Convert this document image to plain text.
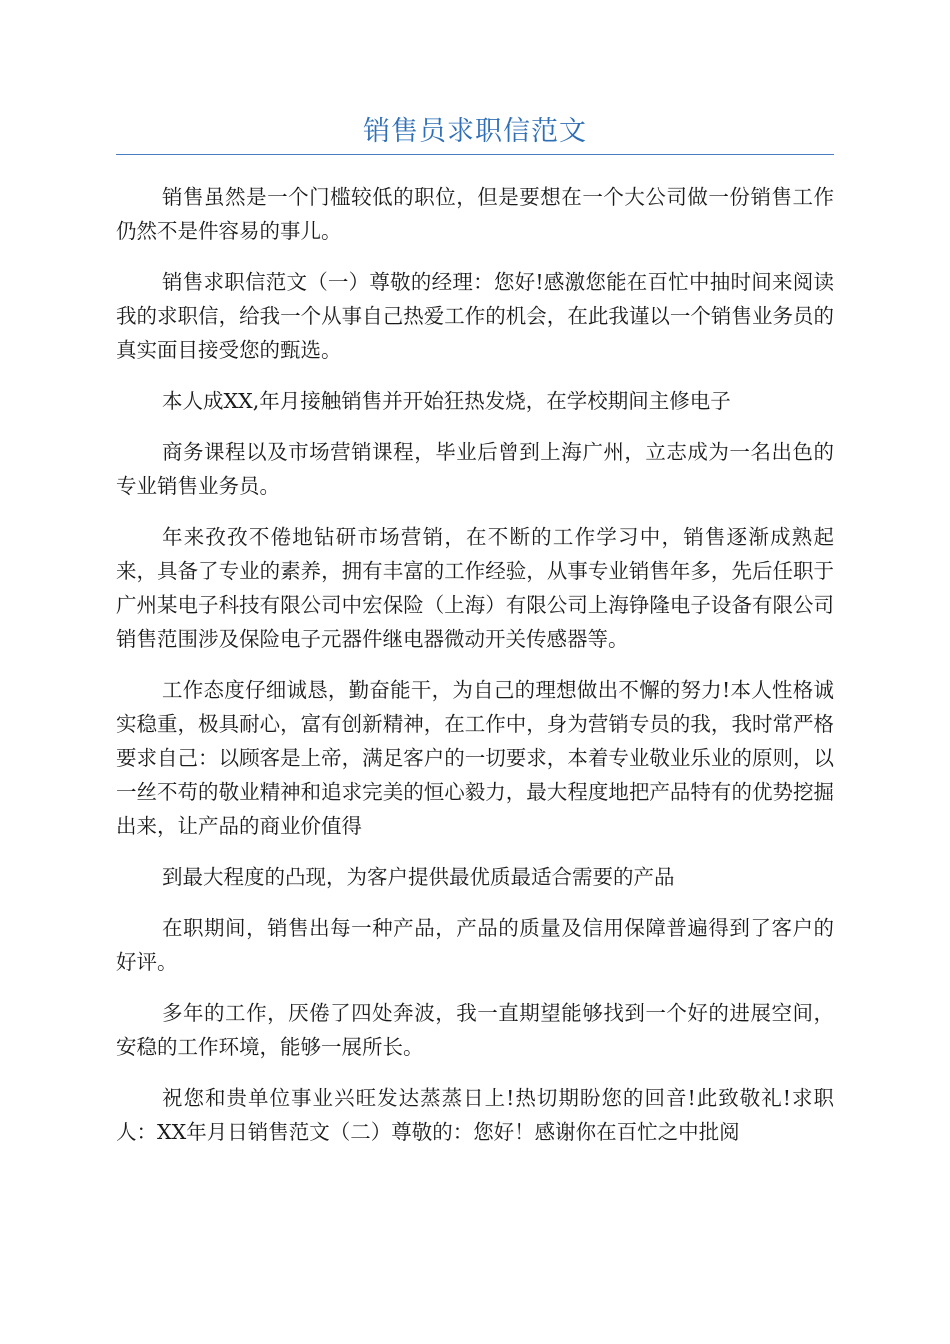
销售员求职信范文

销售虽然是一个门槛较低的职位，但是要想在一个大公司做一份销售工作仍然不是件容易的事儿。

销售求职信范文（一）尊敬的经理：您好!感激您能在百忙中抽时间来阅读我的求职信，给我一个从事自己热爱工作的机会，在此我谨以一个销售业务员的真实面目接受您的甄选。

本人成XX,年月接触销售并开始狂热发烧，在学校期间主修电子

商务课程以及市场营销课程，毕业后曾到上海广州，立志成为一名出色的专业销售业务员。

年来孜孜不倦地钻研市场营销，在不断的工作学习中，销售逐渐成熟起来，具备了专业的素养，拥有丰富的工作经验，从事专业销售年多，先后任职于广州某电子科技有限公司中宏保险（上海）有限公司上海铮隆电子设备有限公司销售范围涉及保险电子元器件继电器微动开关传感器等。

工作态度仔细诚恳，勤奋能干，为自己的理想做出不懈的努力!本人性格诚实稳重，极具耐心，富有创新精神，在工作中，身为营销专员的我，我时常严格要求自己：以顾客是上帝，满足客户的一切要求，本着专业敬业乐业的原则，以一丝不苟的敬业精神和追求完美的恒心毅力，最大程度地把产品特有的优势挖掘出来，让产品的商业价值得

到最大程度的凸现，为客户提供最优质最适合需要的产品

在职期间，销售出每一种产品，产品的质量及信用保障普遍得到了客户的好评。

多年的工作，厌倦了四处奔波，我一直期望能够找到一个好的进展空间，安稳的工作环境，能够一展所长。

祝您和贵单位事业兴旺发达蒸蒸日上!热切期盼您的回音!此致敬礼!求职人：XX年月日销售范文（二）尊敬的：您好！感谢你在百忙之中批阅
